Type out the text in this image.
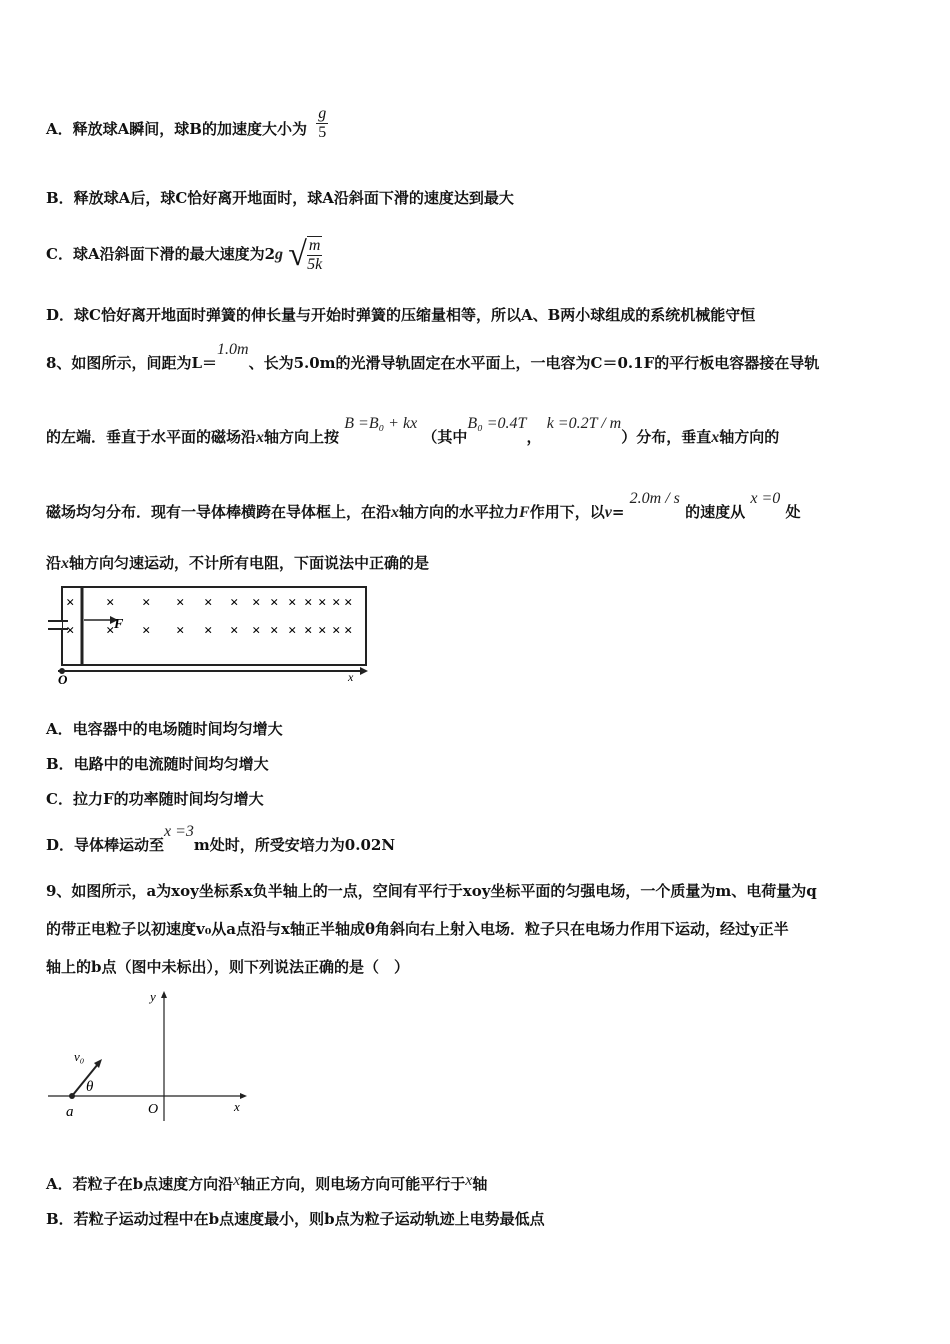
A．释放球A瞬间，球B的加速度大小为 $\frac{g}{5}$
B．释放球A后，球C恰好离开地面时，球A沿斜面下滑的速度达到最大
C．球A沿斜面下滑的最大速度为2g √ $\frac{m}{5k}$
D．球C恰好离开地面时弹簧的伸长量与开始时弹簧的压缩量相等，所以A、B两小球组成的系统机械能守恒
8、如图所示，间距为L＝1.0m、长为5.0m的光滑导轨固定在水平面上，一电容为C＝0.1F的平行板电容器接在导轨
的左端．垂直于水平面的磁场沿x轴方向上按 B =B₀ + kx （其中B₀ =0.4T， k =0.2T / m）分布，垂直x轴方向的
磁场均匀分布．现有一导体棒横跨在导体框上，在沿x轴方向的水平拉力F作用下，以v= 2.0m / s 的速度从 x =0 处
沿x轴方向匀速运动，不计所有电阻，下面说法中正确的是
F
× × × × × × × × × × × × ×
× × × × × × × × × × × × ×
O	x
A．电容器中的电场随时间均匀增大
B．电路中的电流随时间均匀增大
C．拉力F的功率随时间均匀增大
D．导体棒运动至x =3m处时，所受安培力为0.02N
9、如图所示，a为xoy坐标系x负半轴上的一点，空间有平行于xoy坐标平面的匀强电场，一个质量为m、电荷量为q
的带正电粒子以初速度v₀从a点沿与x轴正半轴成θ角斜向右上射入电场．粒子只在电场力作用下运动，经过y正半
轴上的b点（图中未标出），则下列说法正确的是（　）
y
x
O
a
v₀
θ
A．若粒子在b点速度方向沿x轴正方向，则电场方向可能平行于x轴
B．若粒子运动过程中在b点速度最小，则b点为粒子运动轨迹上电势最低点
